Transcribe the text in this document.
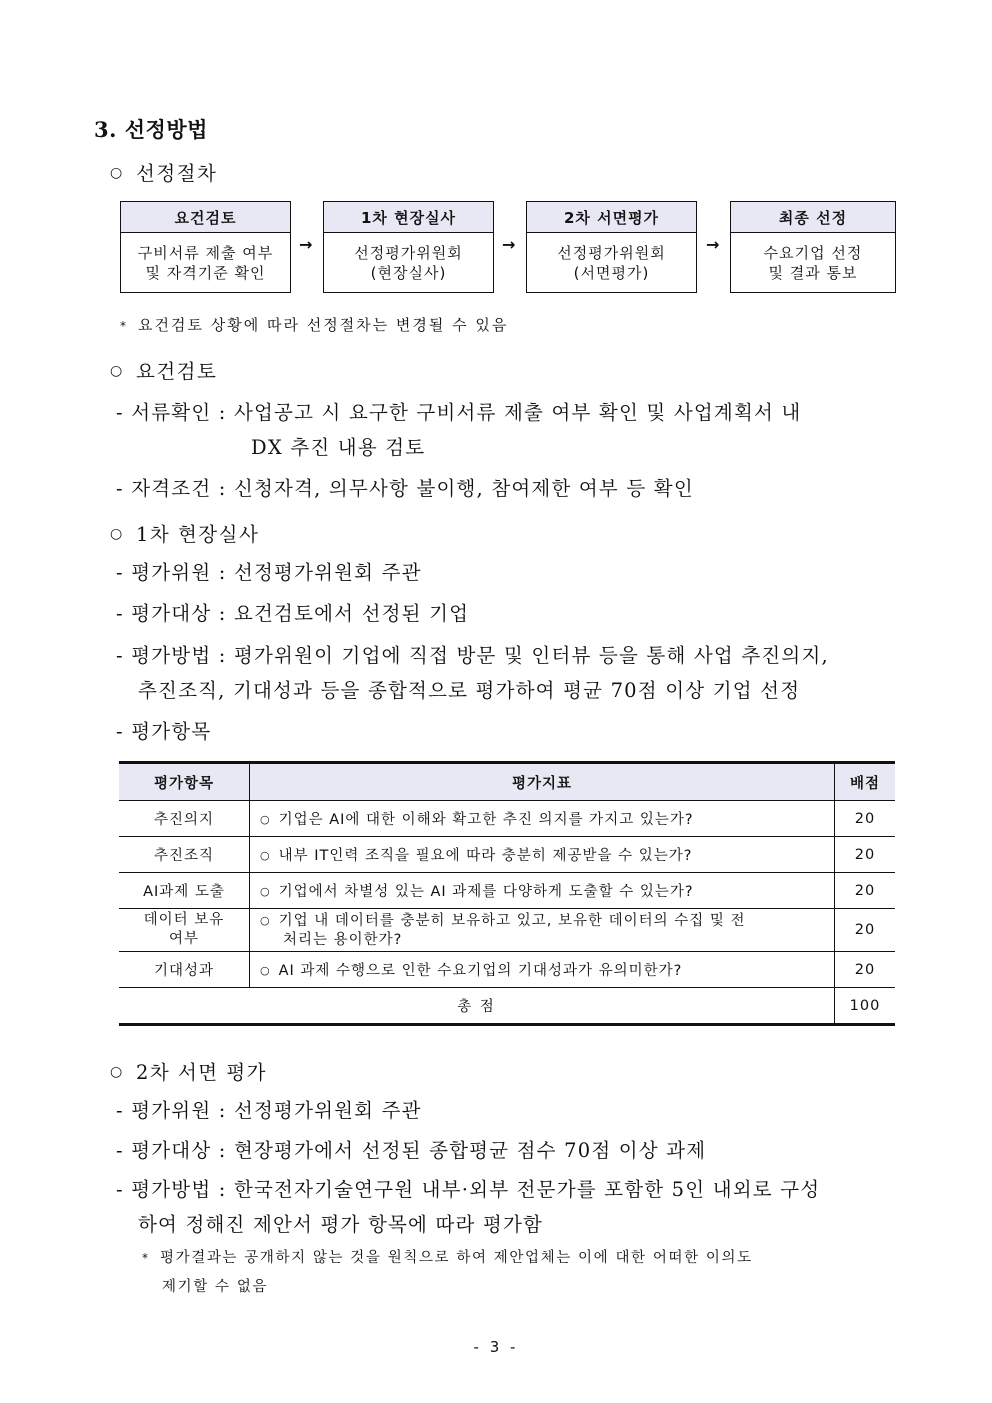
3. 선정방법
○ 선정절차
요건검토
구비서류 제출 여부
및 자격기준 확인
→
1차 현장실사
선정평가위원회
(현장실사)
→
2차 서면평가
선정평가위원회
(서면평가)
→
최종 선정
수요기업 선정
및 결과 통보
* 요건검토 상황에 따라 선정절차는 변경될 수 있음
○ 요건검토
- 서류확인 : 사업공고 시 요구한 구비서류 제출 여부 확인 및 사업계획서 내
DX 추진 내용 검토
- 자격조건 : 신청자격, 의무사항 불이행, 참여제한 여부 등 확인
○ 1차 현장실사
- 평가위원 : 선정평가위원회 주관
- 평가대상 : 요건검토에서 선정된 기업
- 평가방법 : 평가위원이 기업에 직접 방문 및 인터뷰 등을 통해 사업 추진의지,
추진조직, 기대성과 등을 종합적으로 평가하여 평균 70점 이상 기업 선정
- 평가항목
평가항목	평가지표	배점
추진의지	○ 기업은 AI에 대한 이해와 확고한 추진 의지를 가지고 있는가?	20
추진조직	○ 내부 IT인력 조직을 필요에 따라 충분히 제공받을 수 있는가?	20
AI과제 도출	○ 기업에서 차별성 있는 AI 과제를 다양하게 도출할 수 있는가?	20

데이터 보유
여부	○ 기업 내 데이터를 충분히 보유하고 있고, 보유한 데이터의 수집 및 전
처리는 용이한가?	20
기대성과	○ AI 과제 수행으로 인한 수요기업의 기대성과가 유의미한가?	20
총 점		100
○ 2차 서면 평가
- 평가위원 : 선정평가위원회 주관
- 평가대상 : 현장평가에서 선정된 종합평균 점수 70점 이상 과제
- 평가방법 : 한국전자기술연구원 내부·외부 전문가를 포함한 5인 내외로 구성
하여 정해진 제안서 평가 항목에 따라 평가함
* 평가결과는 공개하지 않는 것을 원칙으로 하여 제안업체는 이에 대한 어떠한 이의도
제기할 수 없음
- 3 -
